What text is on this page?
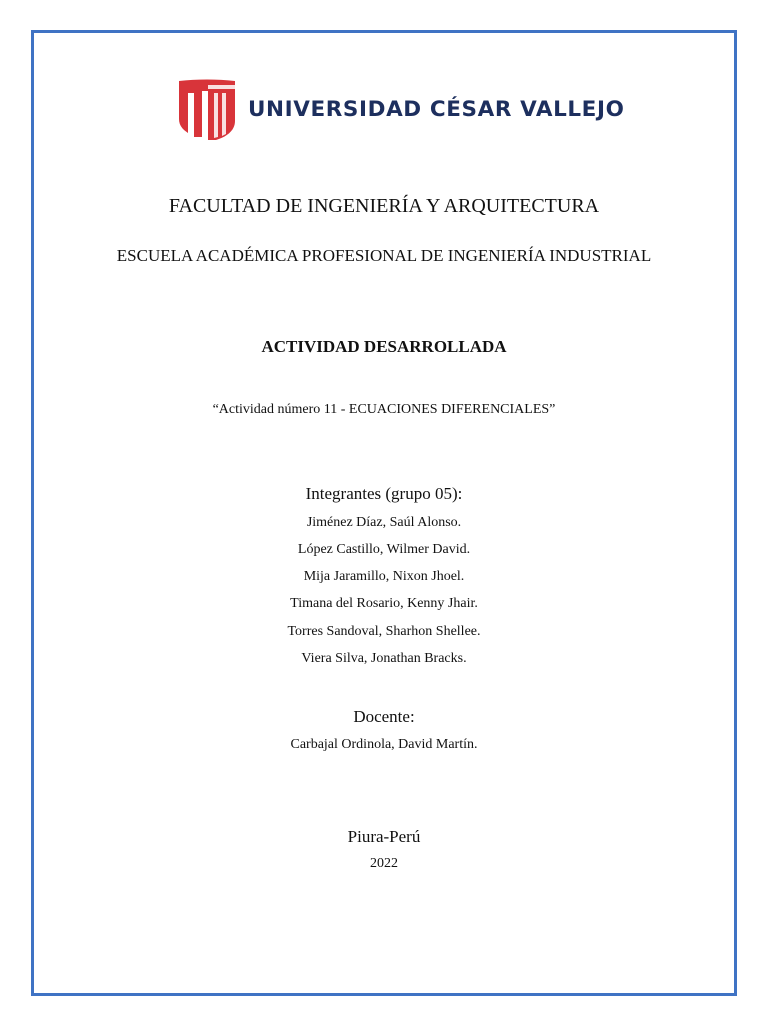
UNIVERSIDAD CÉSAR VALLEJO
FACULTAD DE INGENIERÍA Y ARQUITECTURA
ESCUELA ACADÉMICA PROFESIONAL DE INGENIERÍA INDUSTRIAL
ACTIVIDAD DESARROLLADA
“Actividad número 11 - ECUACIONES DIFERENCIALES”
Integrantes (grupo 05):
Jiménez Díaz, Saúl Alonso.
López Castillo, Wilmer David.
Mija Jaramillo, Nixon Jhoel.
Timana del Rosario, Kenny Jhair.
Torres Sandoval, Sharhon Shellee.
Viera Silva, Jonathan Bracks.
Docente:
Carbajal Ordinola, David Martín.
Piura-Perú
2022
